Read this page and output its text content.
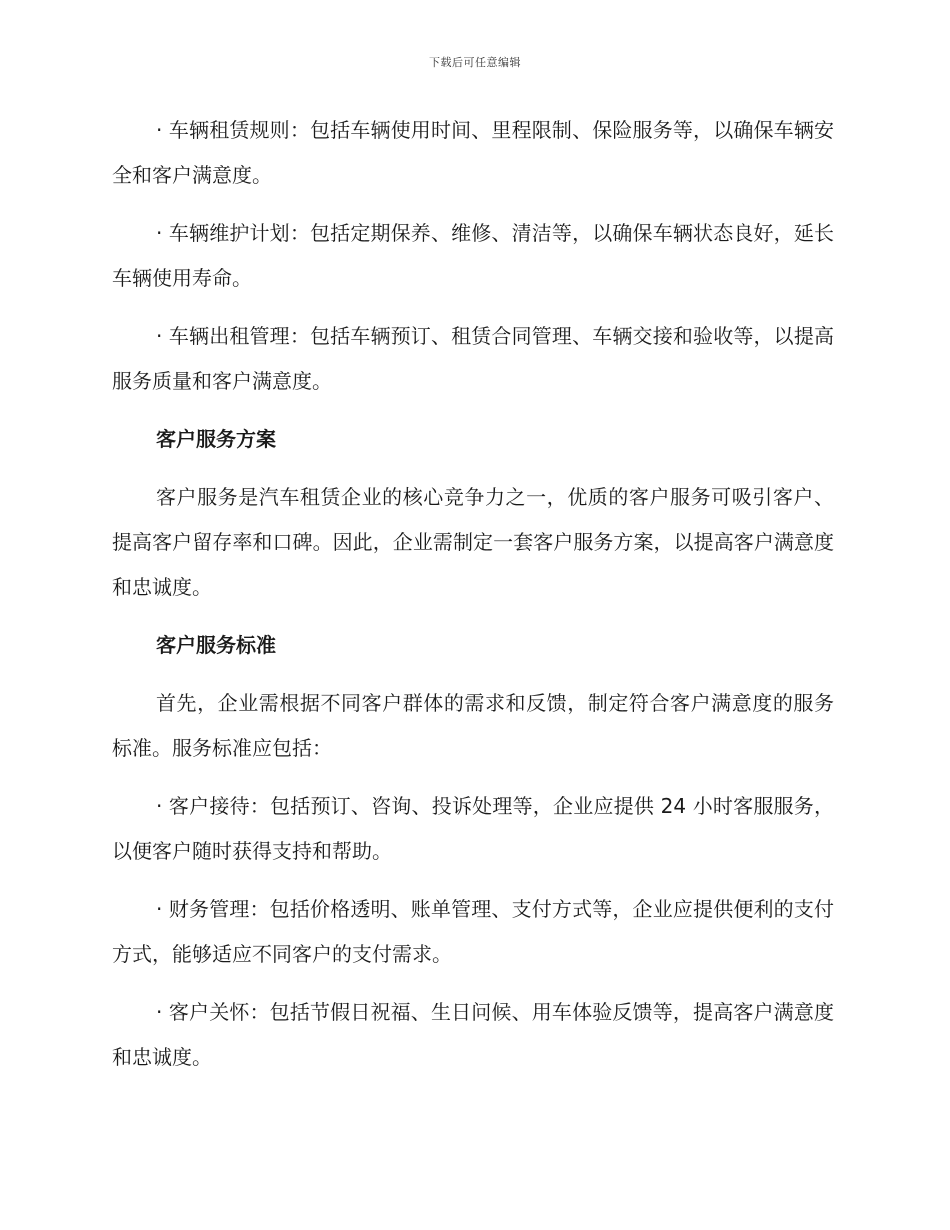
下载后可任意编辑

· 车辆租赁规则：包括车辆使用时间、里程限制、保险服务等，以确保车辆安全和客户满意度。

· 车辆维护计划：包括定期保养、维修、清洁等，以确保车辆状态良好，延长车辆使用寿命。

· 车辆出租管理：包括车辆预订、租赁合同管理、车辆交接和验收等，以提高服务质量和客户满意度。

客户服务方案

客户服务是汽车租赁企业的核心竞争力之一，优质的客户服务可吸引客户、提高客户留存率和口碑。因此，企业需制定一套客户服务方案，以提高客户满意度和忠诚度。

客户服务标准

首先，企业需根据不同客户群体的需求和反馈，制定符合客户满意度的服务标准。服务标准应包括：

· 客户接待：包括预订、咨询、投诉处理等，企业应提供 24 小时客服服务，以便客户随时获得支持和帮助。

· 财务管理：包括价格透明、账单管理、支付方式等，企业应提供便利的支付方式，能够适应不同客户的支付需求。

· 客户关怀：包括节假日祝福、生日问候、用车体验反馈等，提高客户满意度和忠诚度。
